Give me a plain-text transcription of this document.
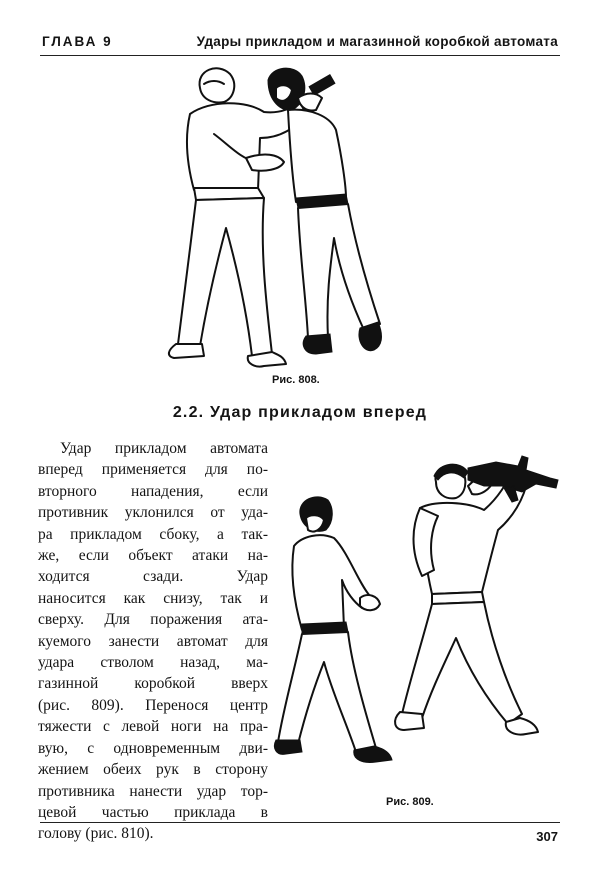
ГЛАВА 9	Удары прикладом и магазинной коробкой автомата
Рис. 808.
2.2. Удар прикладом вперед
Удар прикладом автомата
вперед применяется для по-
вторного нападения, если
противник уклонился от уда-
ра прикладом сбоку, а так-
же, если объект атаки на-
ходится сзади. Удар
наносится как снизу, так и
сверху. Для поражения ата-
куемого занести автомат для
удара стволом назад, ма-
газинной коробкой вверх
(рис. 809). Перенося центр
тяжести с левой ноги на пра-
вую, с одновременным дви-
жением обеих рук в сторону
противника нанести удар тор-
цевой частью приклада в
голову (рис. 810).
Рис. 809.
307
